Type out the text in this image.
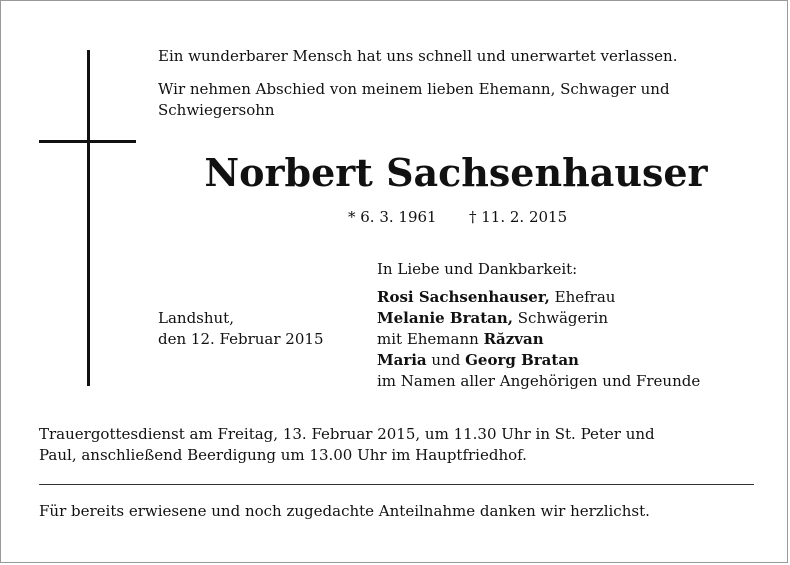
Ein wunderbarer Mensch hat uns schnell und unerwartet verlassen.
Wir nehmen Abschied von meinem lieben Ehemann, Schwager und
Schwiegersohn
Norbert Sachsenhauser
* 6. 3. 1961 † 11. 2. 2015
In Liebe und Dankbarkeit:
Landshut,
den 12. Februar 2015
Rosi Sachsenhauser, Ehefrau
Melanie Bratan, Schwägerin
mit Ehemann Răzvan
Maria und Georg Bratan
im Namen aller Angehörigen und Freunde
Trauergottesdienst am Freitag, 13. Februar 2015, um 11.30 Uhr in St. Peter und
Paul, anschließend Beerdigung um 13.00 Uhr im Hauptfriedhof.
Für bereits erwiesene und noch zugedachte Anteilnahme danken wir herzlichst.
